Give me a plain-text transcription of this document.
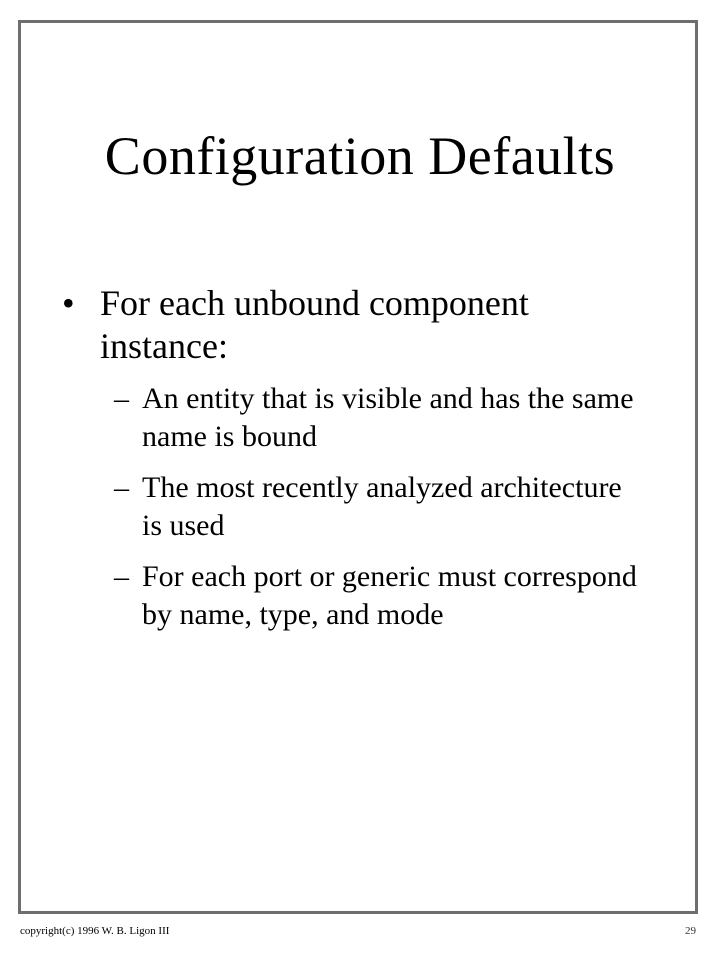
Configuration Defaults
• For each unbound component instance:
– An entity that is visible and has the same name is bound
– The most recently analyzed architecture is used
– For each port or generic must correspond by name, type, and mode
copyright(c) 1996 W. B. Ligon III	29
